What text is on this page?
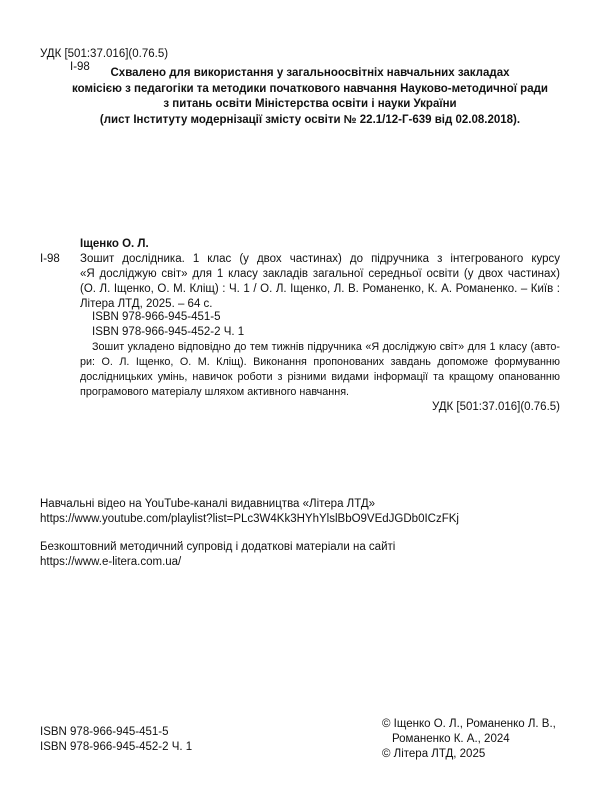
УДК [501:37.016](0.76.5)
І-98	Схвалено для використання у загальноосвітніх навчальних закладах
комісією з педагогіки та методики початкового навчання Науково-методичної ради
з питань освіти Міністерства освіти і науки України
(лист Інституту модернізації змісту освіти № 22.1/12-Г-639 від 02.08.2018).
Іщенко О. Л.
І-98 Зошит дослідника. 1 клас (у двох частинах) до підручника з інтегрованого курсу
«Я досліджую світ» для 1 класу закладів загальної середньої освіти (у двох частинах)
(О. Л. Іщенко, О. М. Кліщ) : Ч. 1 / О. Л. Іщенко, Л. В. Романенко, К. А. Романенко. – Київ :
Літера ЛТД, 2025. – 64 с.
ISBN 978-966-945-451-5
ISBN 978-966-945-452-2 Ч. 1
Зошит укладено відповідно до тем тижнів підручника «Я досліджую світ» для 1 класу (авто-
ри: О. Л. Іщенко, О. М. Кліщ). Виконання пропонованих завдань допоможе формуванню
дослідницьких умінь, навичок роботи з різними видами інформації та кращому опанованню
програмового матеріалу шляхом активного навчання.
УДК [501:37.016](0.76.5)
Навчальні відео на YouTube-каналі видавництва «Літера ЛТД»
https://www.youtube.com/playlist?list=PLc3W4Kk3HYhYlslBbO9VEdJGDb0ICzFKj
Безкоштовний методичний супровід і додаткові матеріали на сайті
https://www.e-litera.com.ua/
ISBN 978-966-945-451-5
ISBN 978-966-945-452-2 Ч. 1
© Іщенко О. Л., Романенко Л. В.,
Романенко К. А., 2024
© Літера ЛТД, 2025
